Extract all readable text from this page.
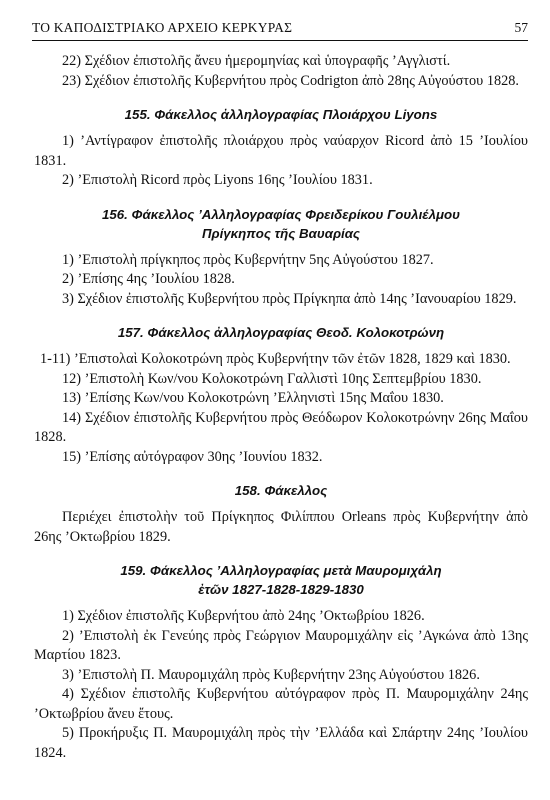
ΤΟ ΚΑΠΟΔΙΣΤΡΙΑΚΟ ΑΡΧΕΙΟ ΚΕΡΚΥΡΑΣ	57

22) Σχέδιον ἐπιστολῆς ἄνευ ἡμερομηνίας καὶ ὑπογραφῆς ’Αγγλιστί.

23) Σχέδιον ἐπιστολῆς Κυβερνήτου πρὸς Codrigton ἀπὸ 28ης Αὐγούστου 1828.

155. Φάκελλος ἀλληλογραφίας Πλοιάρχου Liyons

1) ’Αντίγραφον ἐπιστολῆς πλοιάρχου πρὸς ναύαρχον Ricord ἀπὸ 15 ’Ιουλίου 1831.

2) ’Επιστολὴ Ricord πρὸς Liyons 16ης ’Ιουλίου 1831.

156. Φάκελλος ’Αλληλογραφίας Φρειδερίκου Γουλιέλμου
Πρίγκηπος τῆς Βαυαρίας

1) ’Επιστολὴ πρίγκηπος πρὸς Κυβερνήτην 5ης Αὐγούστου 1827.

2) ’Επίσης 4ης ’Ιουλίου 1828.

3) Σχέδιον ἐπιστολῆς Κυβερνήτου πρὸς Πρίγκηπα ἀπὸ 14ης ’Ιανουαρίου 1829.

157. Φάκελλος ἀλληλογραφίας Θεοδ. Κολοκοτρώνη

1-11) ’Επιστολαὶ Κολοκοτρώνη πρὸς Κυβερνήτην τῶν ἐτῶν 1828, 1829 καὶ 1830.

12) ’Επιστολὴ Κων/νου Κολοκοτρώνη Γαλλιστὶ 10ης Σεπτεμβρίου 1830.

13) ’Επίσης Κων/νου Κολοκοτρώνη ’Ελληνιστὶ 15ης Μαΐου 1830.

14) Σχέδιον ἐπιστολῆς Κυβερνήτου πρὸς Θεόδωρον Κολοκοτρώνην 26ης Μαΐου 1828.

15) ’Επίσης αὐτόγραφον 30ης ’Ιουνίου 1832.

158. Φάκελλος

Περιέχει ἐπιστολὴν τοῦ Πρίγκηπος Φιλίππου Orleans πρὸς Κυβερνήτην ἀπὸ 26ης ’Οκτωβρίου 1829.

159. Φάκελλος ’Αλληλογραφίας μετὰ Μαυρομιχάλη
ἐτῶν 1827-1828-1829-1830

1) Σχέδιον ἐπιστολῆς Κυβερνήτου ἀπὸ 24ης ’Οκτωβρίου 1826.

2) ’Επιστολὴ ἐκ Γενεύης πρὸς Γεώργιον Μαυρομιχάλην εἰς ’Αγκώνα ἀπὸ 13ης Μαρτίου 1823.

3) ’Επιστολὴ Π. Μαυρομιχάλη πρὸς Κυβερνήτην 23ης Αὐγούστου 1826.

4) Σχέδιον ἐπιστολῆς Κυβερνήτου αὐτόγραφον πρὸς Π. Μαυρομιχάλην 24ης ’Οκτωβρίου ἄνευ ἔτους.

5) Προκήρυξις Π. Μαυρομιχάλη πρὸς τὴν ’Ελλάδα καὶ Σπάρτην 24ης ’Ιουλίου 1824.
